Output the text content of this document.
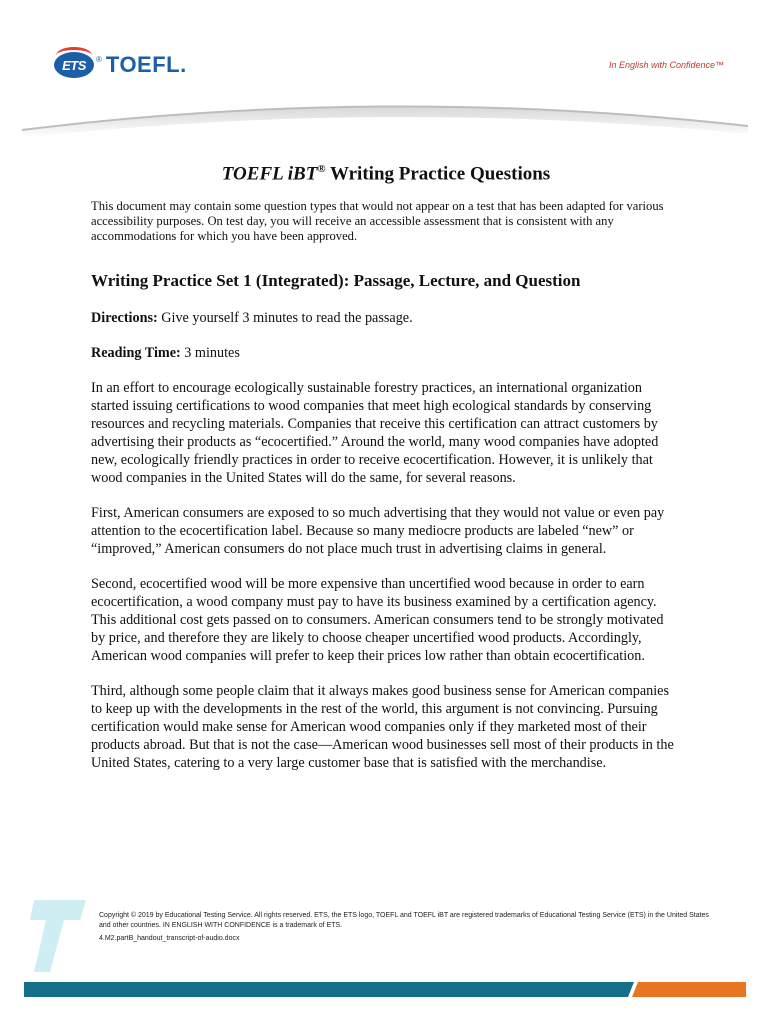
ETS ® TOEFL.	In English with Confidence™
TOEFL iBT® Writing Practice Questions

This document may contain some question types that would not appear on a test that has been adapted for various accessibility purposes. On test day, you will receive an accessible assessment that is consistent with any accommodations for which you have been approved.

Writing Practice Set 1 (Integrated): Passage, Lecture, and Question

Directions: Give yourself 3 minutes to read the passage.

Reading Time: 3 minutes

In an effort to encourage ecologically sustainable forestry practices, an international organization started issuing certifications to wood companies that meet high ecological standards by conserving resources and recycling materials. Companies that receive this certification can attract customers by advertising their products as “ecocertified.” Around the world, many wood companies have adopted new, ecologically friendly practices in order to receive ecocertification. However, it is unlikely that wood companies in the United States will do the same, for several reasons.

First, American consumers are exposed to so much advertising that they would not value or even pay attention to the ecocertification label. Because so many mediocre products are labeled “new” or “improved,” American consumers do not place much trust in advertising claims in general.

Second, ecocertified wood will be more expensive than uncertified wood because in order to earn ecocertification, a wood company must pay to have its business examined by a certification agency. This additional cost gets passed on to consumers. American consumers tend to be strongly motivated by price, and therefore they are likely to choose cheaper uncertified wood products. Accordingly, American wood companies will prefer to keep their prices low rather than obtain ecocertification.

Third, although some people claim that it always makes good business sense for American companies to keep up with the developments in the rest of the world, this argument is not convincing. Pursuing certification would make sense for American wood companies only if they marketed most of their products abroad. But that is not the case—American wood businesses sell most of their products in the United States, catering to a very large customer base that is satisfied with the merchandise.

Copyright © 2019 by Educational Testing Service. All rights reserved. ETS, the ETS logo, TOEFL and TOEFL iBT are registered trademarks of Educational Testing Service (ETS) in the United States and other countries. IN ENGLISH WITH CONFIDENCE is a trademark of ETS.
4.M2.partB_handout_transcript-of-audio.docx
